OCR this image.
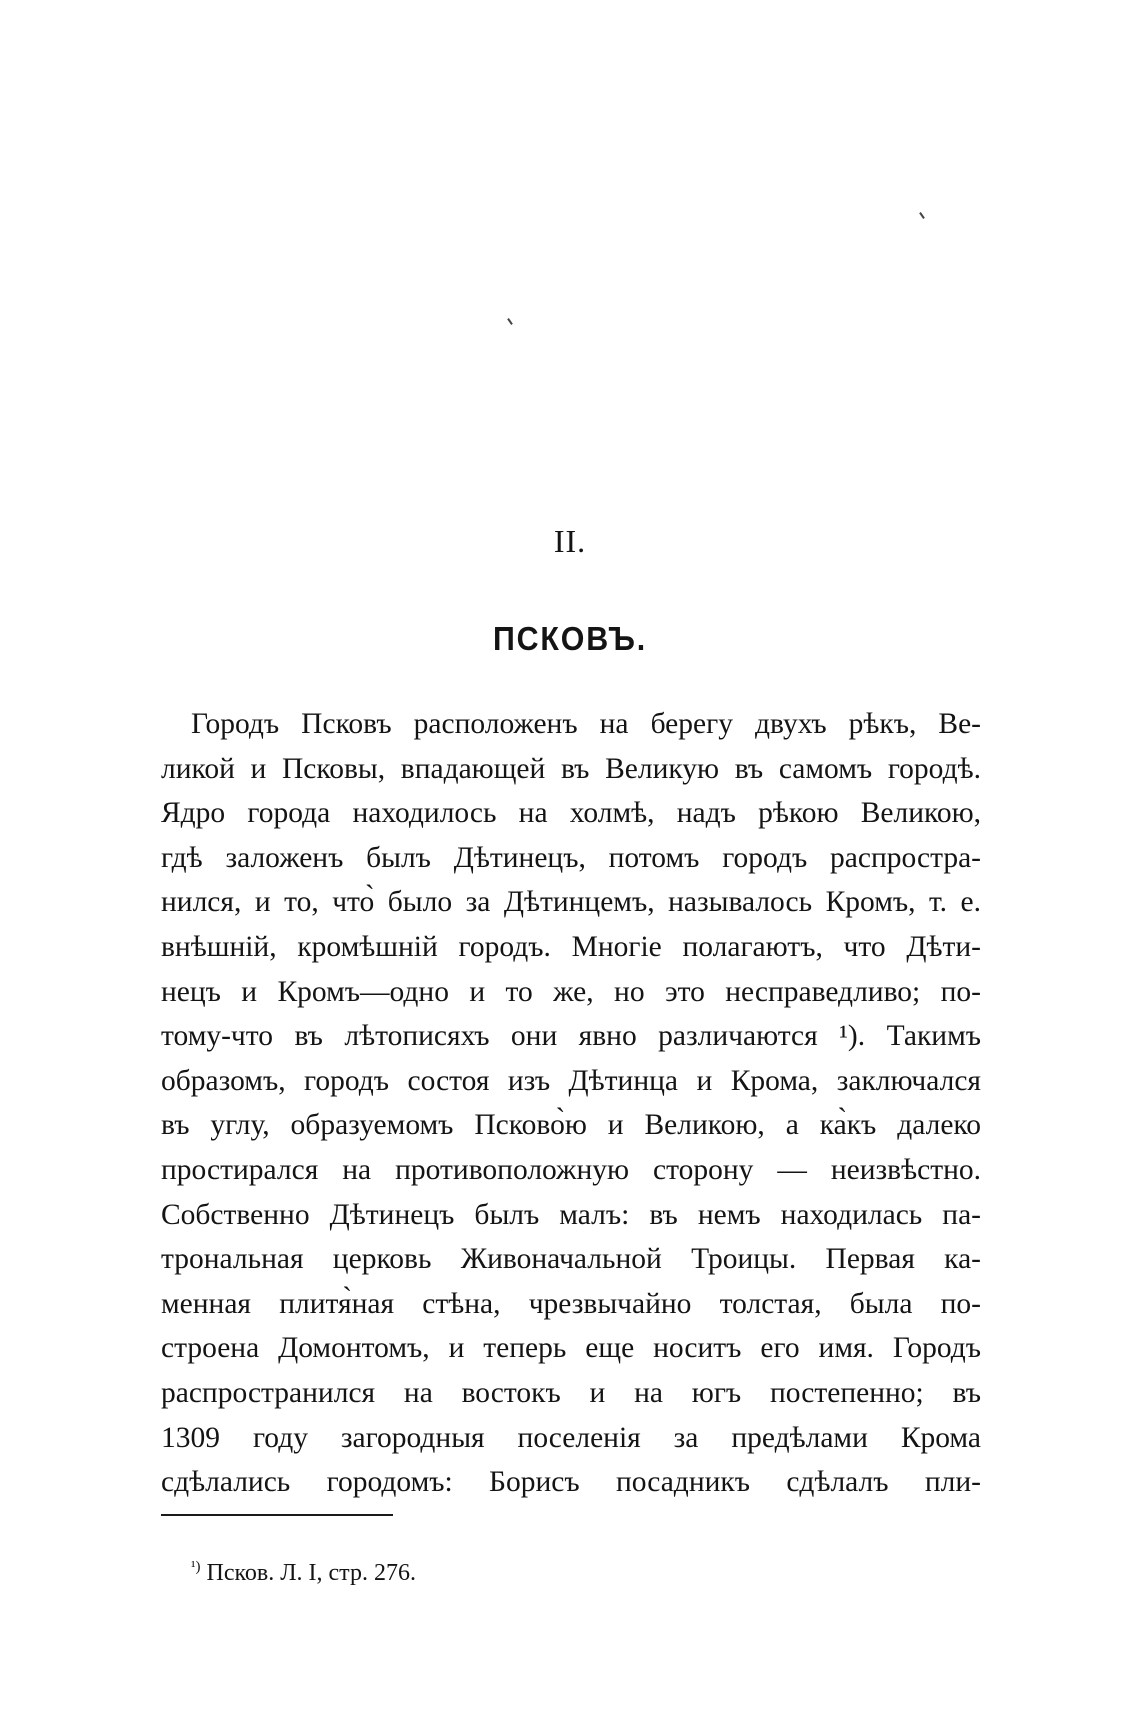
II.
ПСКОВЪ.
Городъ Псковъ расположенъ на берегу двухъ рѣкъ, Ве-
ликой и Псковы, впадающей въ Великую въ самомъ городѣ.
Ядро города находилось на холмѣ, надъ рѣкою Великою,
гдѣ заложенъ былъ Дѣтинецъ, потомъ городъ распростра-
нился, и то, что̀ было за Дѣтинцемъ, называлось Кромъ, т. е.
внѣшній, кромѣшній городъ. Многіе полагаютъ, что Дѣти-
нецъ и Кромъ—одно и то же, но это несправедливо; по-
тому-что въ лѣтописяхъ они явно различаются ¹). Такимъ
образомъ, городъ состоя изъ Дѣтинца и Крома, заключался
въ углу, образуемомъ Псково̀ю и Великою, а ка̀къ далеко
простирался на противоположную сторону — неизвѣстно.
Собственно Дѣтинецъ былъ малъ: въ немъ находилась па-
трональная церковь Живоначальной Троицы. Первая ка-
менная плитя̀ная стѣна, чрезвычайно толстая, была по-
строена Домонтомъ, и теперь еще носитъ его имя. Городъ
распространился на востокъ и на югъ постепенно; въ
1309 году загородныя поселенія за предѣлами Крома
сдѣлались городомъ: Борисъ посадникъ сдѣлалъ пли-
$^{^1)}$ Псков. Л. I, стр. 276.
